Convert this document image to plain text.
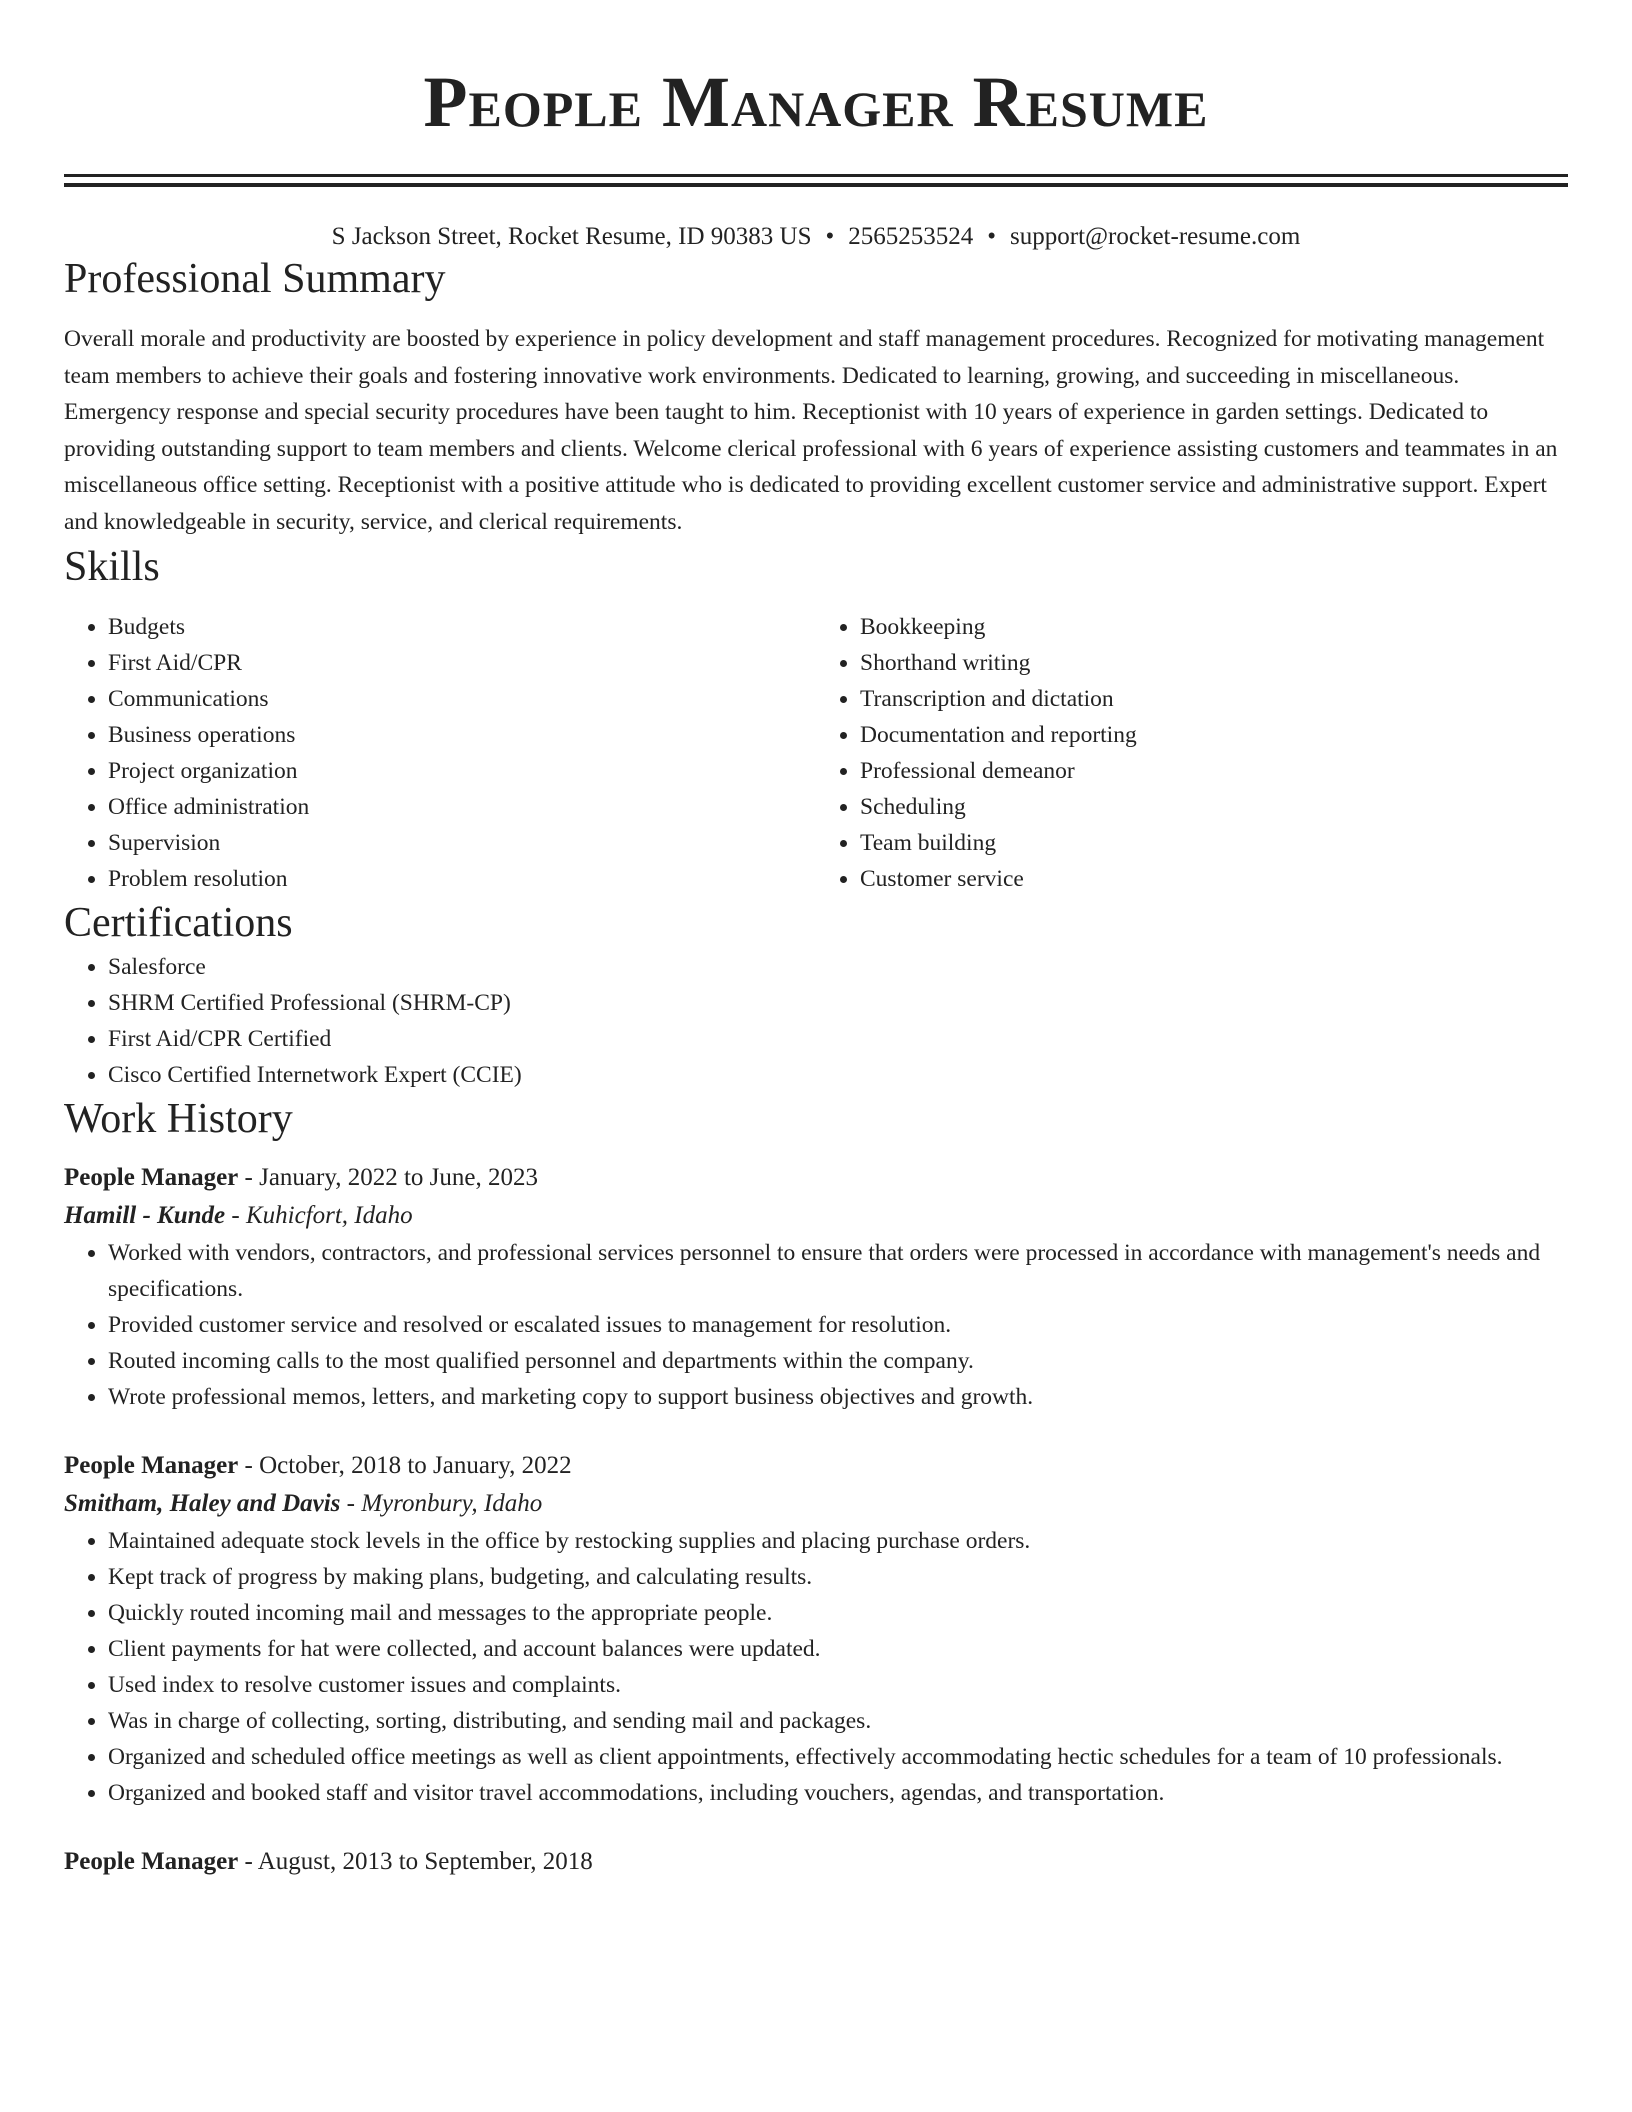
People Manager Resume
S Jackson Street, Rocket Resume, ID 90383 US • 2565253524 • support@rocket-resume.com
Professional Summary

Overall morale and productivity are boosted by experience in policy development and staff management procedures. Recognized for motivating management team members to achieve their goals and fostering innovative work environments. Dedicated to learning, growing, and succeeding in miscellaneous. Emergency response and special security procedures have been taught to him. Receptionist with 10 years of experience in garden settings. Dedicated to providing outstanding support to team members and clients. Welcome clerical professional with 6 years of experience assisting customers and teammates in an miscellaneous office setting. Receptionist with a positive attitude who is dedicated to providing excellent customer service and administrative support. Expert and knowledgeable in security, service, and clerical requirements.

Skills
• Budgets
• First Aid/CPR
• Communications
• Business operations
• Project organization
• Office administration
• Supervision
• Problem resolution
• Bookkeeping
• Shorthand writing
• Transcription and dictation
• Documentation and reporting
• Professional demeanor
• Scheduling
• Team building
• Customer service
Certifications
• Salesforce
• SHRM Certified Professional (SHRM-CP)
• First Aid/CPR Certified
• Cisco Certified Internetwork Expert (CCIE)
Work History
People Manager - January, 2022 to June, 2023
Hamill - Kunde - Kuhicfort, Idaho
• Worked with vendors, contractors, and professional services personnel to ensure that orders were processed in accordance with management's needs and specifications.
• Provided customer service and resolved or escalated issues to management for resolution.
• Routed incoming calls to the most qualified personnel and departments within the company.
• Wrote professional memos, letters, and marketing copy to support business objectives and growth.
People Manager - October, 2018 to January, 2022
Smitham, Haley and Davis - Myronbury, Idaho
• Maintained adequate stock levels in the office by restocking supplies and placing purchase orders.
• Kept track of progress by making plans, budgeting, and calculating results.
• Quickly routed incoming mail and messages to the appropriate people.
• Client payments for hat were collected, and account balances were updated.
• Used index to resolve customer issues and complaints.
• Was in charge of collecting, sorting, distributing, and sending mail and packages.
• Organized and scheduled office meetings as well as client appointments, effectively accommodating hectic schedules for a team of 10 professionals.
• Organized and booked staff and visitor travel accommodations, including vouchers, agendas, and transportation.
People Manager - August, 2013 to September, 2018
